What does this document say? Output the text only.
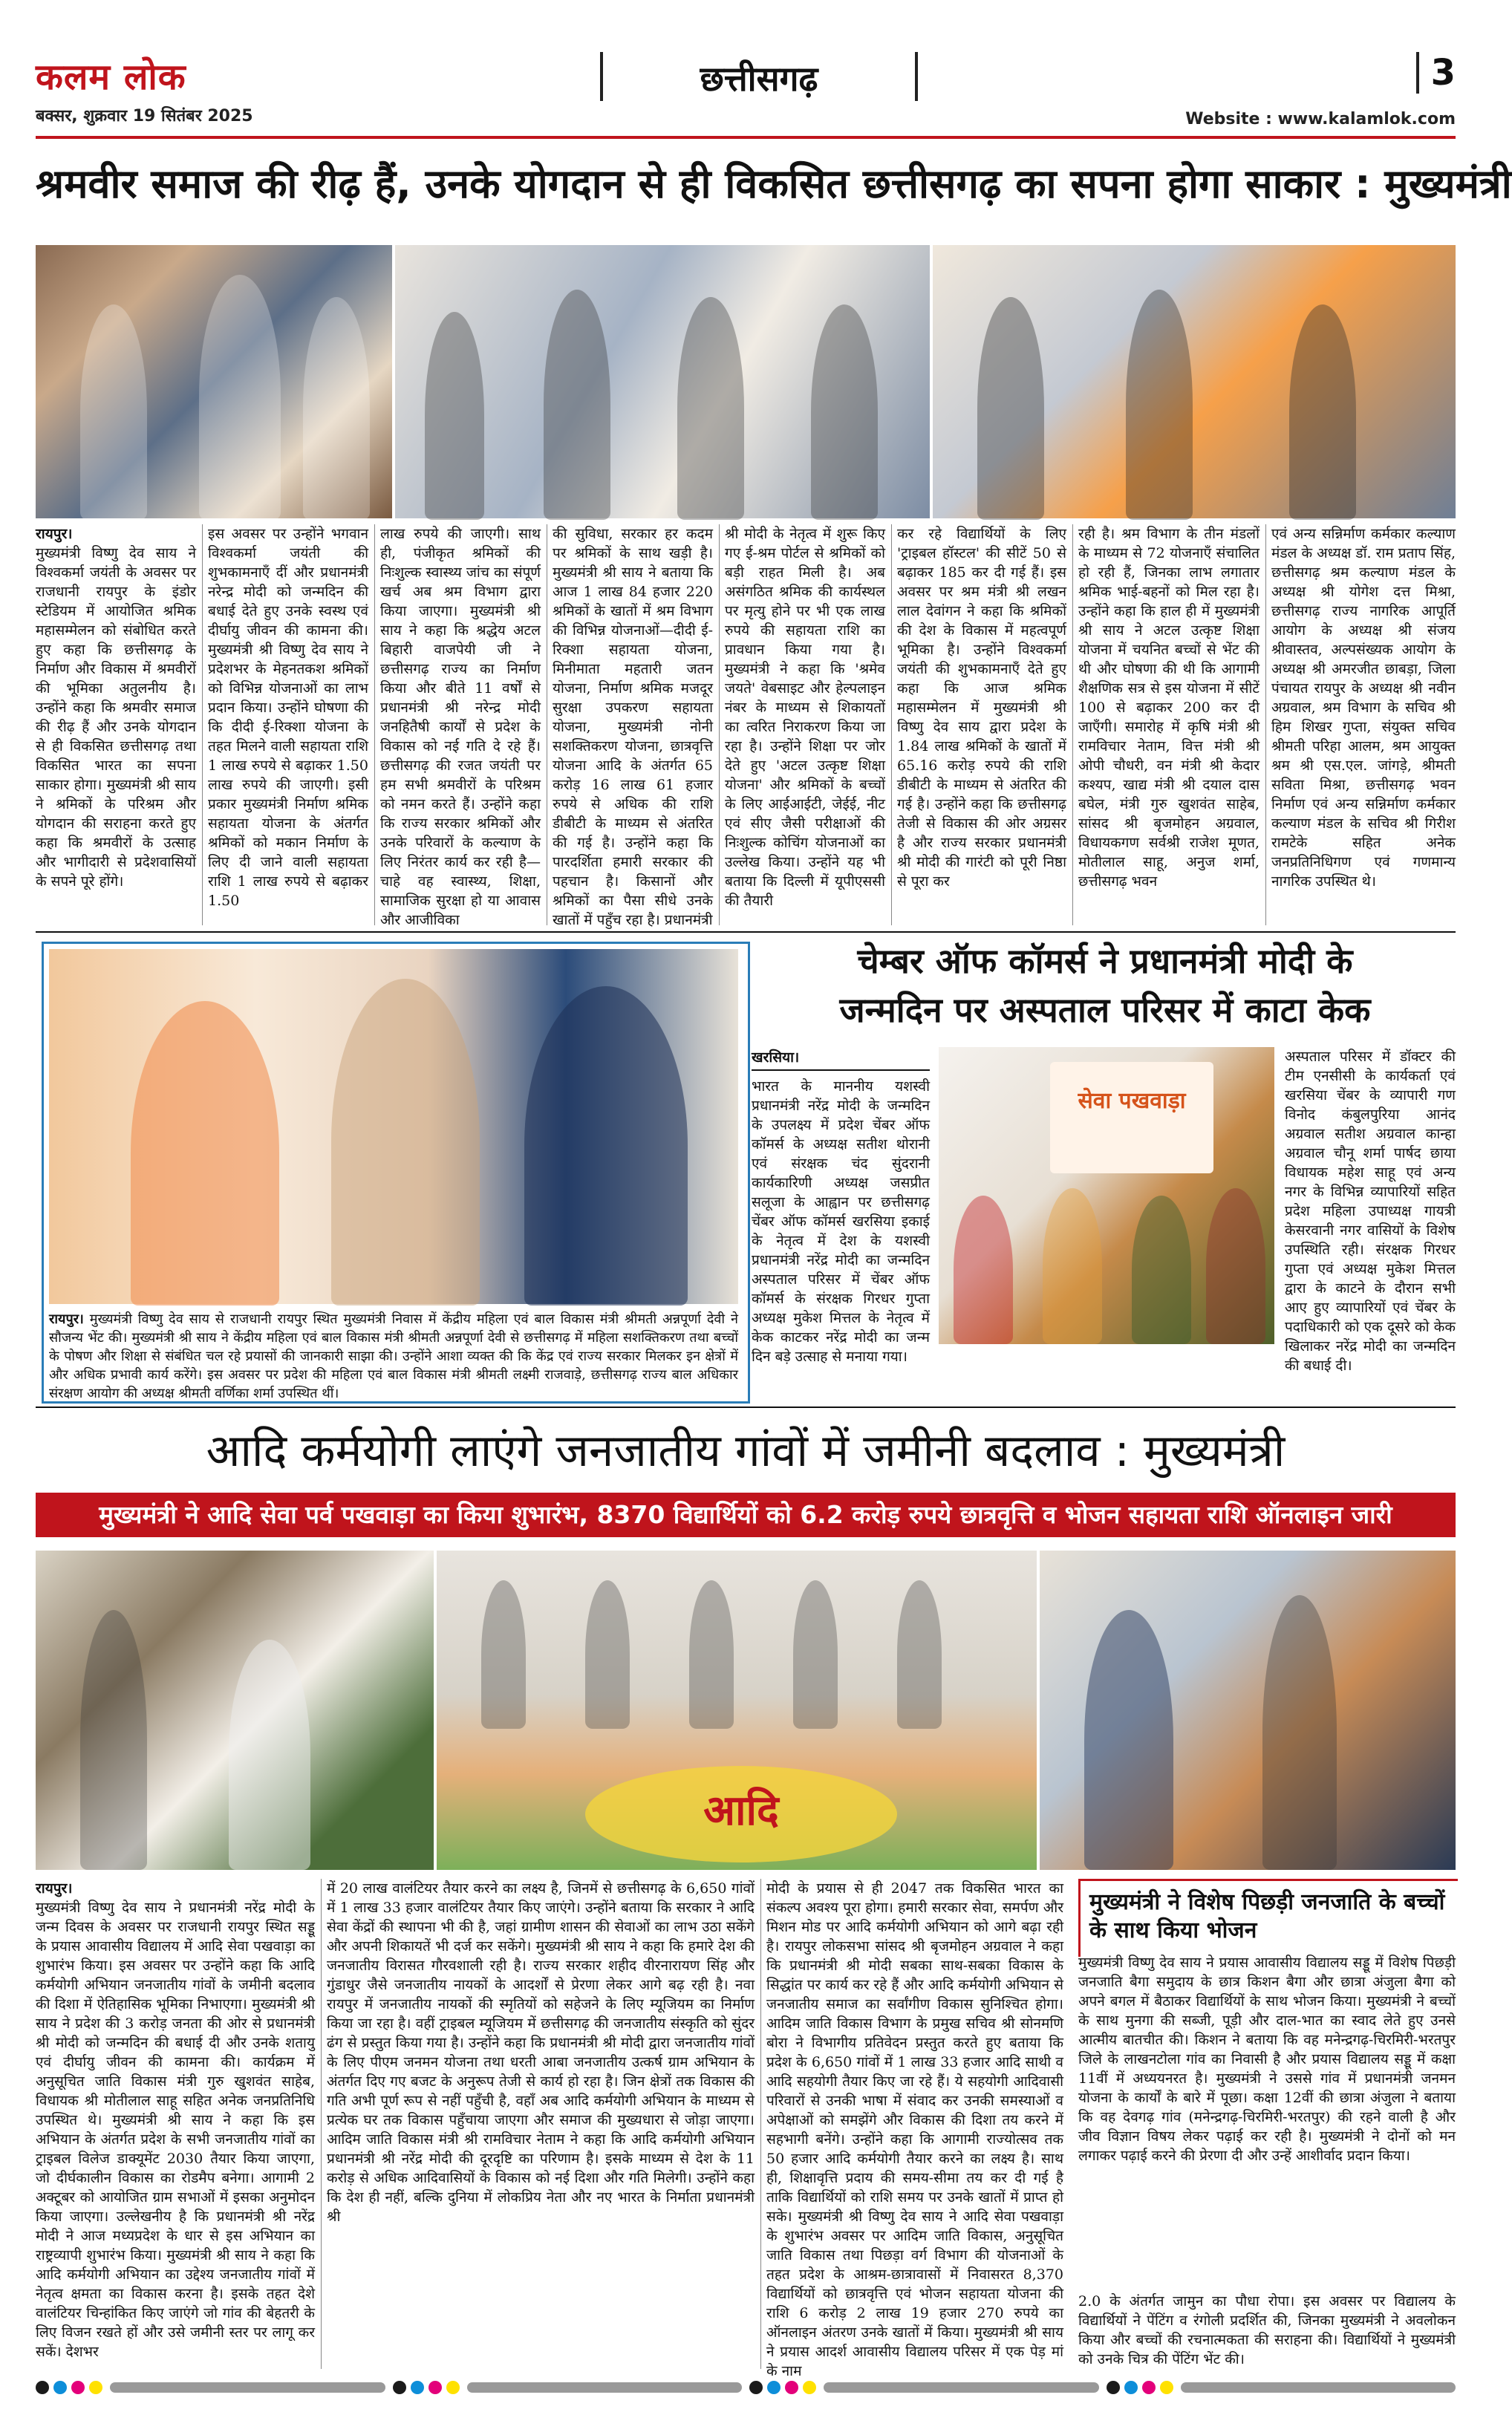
कलम लोक
बक्सर, शुक्रवार 19 सितंबर 2025
छत्तीसगढ़	3
Website : www.kalamlok.com
श्रमवीर समाज की रीढ़ हैं, उनके योगदान से ही विकसित छत्तीसगढ़ का सपना होगा साकार : मुख्यमंत्री
रायपुर।
मुख्यमंत्री विष्णु देव साय ने विश्वकर्मा जयंती के अवसर पर राजधानी रायपुर के इंडोर स्टेडियम में आयोजित श्रमिक महासम्मेलन को संबोधित करते हुए कहा कि छत्तीसगढ़ के निर्माण और विकास में श्रमवीरों की भूमिका अतुलनीय है। उन्होंने कहा कि श्रमवीर समाज की रीढ़ हैं और उनके योगदान से ही विकसित छत्तीसगढ़ तथा विकसित भारत का सपना साकार होगा। मुख्यमंत्री श्री साय ने श्रमिकों के परिश्रम और योगदान की सराहना करते हुए कहा कि श्रमवीरों के उत्साह और भागीदारी से प्रदेशवासियों के सपने पूरे होंगे।
इस अवसर पर उन्होंने भगवान विश्वकर्मा जयंती की शुभकामनाएँ दीं और प्रधानमंत्री नरेन्द्र मोदी को जन्मदिन की बधाई देते हुए उनके स्वस्थ एवं दीर्घायु जीवन की कामना की। मुख्यमंत्री श्री विष्णु देव साय ने प्रदेशभर के मेहनतकश श्रमिकों को विभिन्न योजनाओं का लाभ प्रदान किया। उन्होंने घोषणा की कि दीदी ई-रिक्शा योजना के तहत मिलने वाली सहायता राशि 1 लाख रुपये से बढ़ाकर 1.50 लाख रुपये की जाएगी। इसी प्रकार मुख्यमंत्री निर्माण श्रमिक सहायता योजना के अंतर्गत श्रमिकों को मकान निर्माण के लिए दी जाने वाली सहायता राशि 1 लाख रुपये से बढ़ाकर 1.50
लाख रुपये की जाएगी। साथ ही, पंजीकृत श्रमिकों की निःशुल्क स्वास्थ्य जांच का संपूर्ण खर्च अब श्रम विभाग द्वारा किया जाएगा। मुख्यमंत्री श्री साय ने कहा कि श्रद्धेय अटल बिहारी वाजपेयी जी ने छत्तीसगढ़ राज्य का निर्माण किया और बीते 11 वर्षों से प्रधानमंत्री श्री नरेन्द्र मोदी जनहितैषी कार्यों से प्रदेश के विकास को नई गति दे रहे हैं। छत्तीसगढ़ की रजत जयंती पर हम सभी श्रमवीरों के परिश्रम को नमन करते हैं। उन्होंने कहा कि राज्य सरकार श्रमिकों और उनके परिवारों के कल्याण के लिए निरंतर कार्य कर रही है—चाहे वह स्वास्थ्य, शिक्षा, सामाजिक सुरक्षा हो या आवास और आजीविका
की सुविधा, सरकार हर कदम पर श्रमिकों के साथ खड़ी है। मुख्यमंत्री श्री साय ने बताया कि आज 1 लाख 84 हजार 220 श्रमिकों के खातों में श्रम विभाग की विभिन्न योजनाओं—दीदी ई-रिक्शा सहायता योजना, मिनीमाता महतारी जतन योजना, निर्माण श्रमिक मजदूर सुरक्षा उपकरण सहायता योजना, मुख्यमंत्री नोनी सशक्तिकरण योजना, छात्रवृत्ति योजना आदि के अंतर्गत 65 करोड़ 16 लाख 61 हजार रुपये से अधिक की राशि डीबीटी के माध्यम से अंतरित की गई है। उन्होंने कहा कि पारदर्शिता हमारी सरकार की पहचान है। किसानों और श्रमिकों का पैसा सीधे उनके खातों में पहुँच रहा है। प्रधानमंत्री
श्री मोदी के नेतृत्व में शुरू किए गए ई-श्रम पोर्टल से श्रमिकों को बड़ी राहत मिली है। अब असंगठित श्रमिक की कार्यस्थल पर मृत्यु होने पर भी एक लाख रुपये की सहायता राशि का प्रावधान किया गया है। मुख्यमंत्री ने कहा कि 'श्रमेव जयते' वेबसाइट और हेल्पलाइन नंबर के माध्यम से शिकायतों का त्वरित निराकरण किया जा रहा है। उन्होंने शिक्षा पर जोर देते हुए 'अटल उत्कृष्ट शिक्षा योजना' और श्रमिकों के बच्चों के लिए आईआईटी, जेईई, नीट एवं सीए जैसी परीक्षाओं की निःशुल्क कोचिंग योजनाओं का उल्लेख किया। उन्होंने यह भी बताया कि दिल्ली में यूपीएससी की तैयारी
कर रहे विद्यार्थियों के लिए 'ट्राइबल हॉस्टल' की सीटें 50 से बढ़ाकर 185 कर दी गई हैं। इस अवसर पर श्रम मंत्री श्री लखन लाल देवांगन ने कहा कि श्रमिकों की देश के विकास में महत्वपूर्ण भूमिका है। उन्होंने विश्वकर्मा जयंती की शुभकामनाएँ देते हुए कहा कि आज श्रमिक महासम्मेलन में मुख्यमंत्री श्री विष्णु देव साय द्वारा प्रदेश के 1.84 लाख श्रमिकों के खातों में 65.16 करोड़ रुपये की राशि डीबीटी के माध्यम से अंतरित की गई है। उन्होंने कहा कि छत्तीसगढ़ तेजी से विकास की ओर अग्रसर है और राज्य सरकार प्रधानमंत्री श्री मोदी की गारंटी को पूरी निष्ठा से पूरा कर
रही है। श्रम विभाग के तीन मंडलों के माध्यम से 72 योजनाएँ संचालित हो रही हैं, जिनका लाभ लगातार श्रमिक भाई-बहनों को मिल रहा है। उन्होंने कहा कि हाल ही में मुख्यमंत्री श्री साय ने अटल उत्कृष्ट शिक्षा योजना में चयनित बच्चों से भेंट की थी और घोषणा की थी कि आगामी शैक्षणिक सत्र से इस योजना में सीटें 100 से बढ़ाकर 200 कर दी जाएँगी। समारोह में कृषि मंत्री श्री रामविचार नेताम, वित्त मंत्री श्री ओपी चौधरी, वन मंत्री श्री केदार कश्यप, खाद्य मंत्री श्री दयाल दास बघेल, मंत्री गुरु खुशवंत साहेब, सांसद श्री बृजमोहन अग्रवाल, विधायकगण सर्वश्री राजेश मूणत, मोतीलाल साहू, अनुज शर्मा, छत्तीसगढ़ भवन
एवं अन्य सन्निर्माण कर्मकार कल्याण मंडल के अध्यक्ष डॉ. राम प्रताप सिंह, छत्तीसगढ़ श्रम कल्याण मंडल के अध्यक्ष श्री योगेश दत्त मिश्रा, छत्तीसगढ़ राज्य नागरिक आपूर्ति आयोग के अध्यक्ष श्री संजय श्रीवास्तव, अल्पसंख्यक आयोग के अध्यक्ष श्री अमरजीत छाबड़ा, जिला पंचायत रायपुर के अध्यक्ष श्री नवीन अग्रवाल, श्रम विभाग के सचिव श्री हिम शिखर गुप्ता, संयुक्त सचिव श्रीमती परिहा आलम, श्रम आयुक्त श्रम श्री एस.एल. जांगड़े, श्रीमती सविता मिश्रा, छत्तीसगढ़ भवन निर्माण एवं अन्य सन्निर्माण कर्मकार कल्याण मंडल के सचिव श्री गिरीश रामटेके सहित अनेक जनप्रतिनिधिगण एवं गणमान्य नागरिक उपस्थित थे।
रायपुर। मुख्यमंत्री विष्णु देव साय से राजधानी रायपुर स्थित मुख्यमंत्री निवास में केंद्रीय महिला एवं बाल विकास मंत्री श्रीमती अन्नपूर्णा देवी ने सौजन्य भेंट की। मुख्यमंत्री श्री साय ने केंद्रीय महिला एवं बाल विकास मंत्री श्रीमती अन्नपूर्णा देवी से छत्तीसगढ़ में महिला सशक्तिकरण तथा बच्चों के पोषण और शिक्षा से संबंधित चल रहे प्रयासों की जानकारी साझा की। उन्होंने आशा व्यक्त की कि केंद्र एवं राज्य सरकार मिलकर इन क्षेत्रों में और अधिक प्रभावी कार्य करेंगे। इस अवसर पर प्रदेश की महिला एवं बाल विकास मंत्री श्रीमती लक्ष्मी राजवाड़े, छत्तीसगढ़ राज्य बाल अधिकार संरक्षण आयोग की अध्यक्ष श्रीमती वर्णिका शर्मा उपस्थित थीं।
चेम्बर ऑफ कॉमर्स ने प्रधानमंत्री मोदी के
जन्मदिन पर अस्पताल परिसर में काटा केक
खरसिया।
भारत के माननीय यशस्वी प्रधानमंत्री नरेंद्र मोदी के जन्मदिन के उपलक्ष्य में प्रदेश चेंबर ऑफ कॉमर्स के अध्यक्ष सतीश थोरानी एवं संरक्षक चंद सुंदरानी कार्यकारिणी अध्यक्ष जसप्रीत सलूजा के आह्वान पर छत्तीसगढ़ चेंबर ऑफ कॉमर्स खरसिया इकाई के नेतृत्व में देश के यशस्वी प्रधानमंत्री नरेंद्र मोदी का जन्मदिन अस्पताल परिसर में चेंबर ऑफ कॉमर्स के संरक्षक गिरधर गुप्ता अध्यक्ष मुकेश मित्तल के नेतृत्व में केक काटकर नरेंद्र मोदी का जन्म दिन बड़े उत्साह से मनाया गया।
सेवा पखवाड़ा
अस्पताल परिसर में डॉक्टर की टीम एनसीसी के कार्यकर्ता एवं खरसिया चेंबर के व्यापारी गण विनोद कंबुलपुरिया आनंद अग्रवाल सतीश अग्रवाल कान्हा अग्रवाल चौनू शर्मा पार्षद छाया विधायक महेश साहू एवं अन्य नगर के विभिन्न व्यापारियों सहित प्रदेश महिला उपाध्यक्ष गायत्री केसरवानी नगर वासियों के विशेष उपस्थिति रही। संरक्षक गिरधर गुप्ता एवं अध्यक्ष मुकेश मित्तल द्वारा के काटने के दौरान सभी आए हुए व्यापारियों एवं चेंबर के पदाधिकारी को एक दूसरे को केक खिलाकर नरेंद्र मोदी का जन्मदिन की बधाई दी।
आदि कर्मयोगी लाएंगे जनजातीय गांवों में जमीनी बदलाव : मुख्यमंत्री
मुख्यमंत्री ने आदि सेवा पर्व पखवाड़ा का किया शुभारंभ, 8370 विद्यार्थियों को 6.2 करोड़ रुपये छात्रवृत्ति व भोजन सहायता राशि ऑनलाइन जारी
आदि
रायपुर।
मुख्यमंत्री विष्णु देव साय ने प्रधानमंत्री नरेंद्र मोदी के जन्म दिवस के अवसर पर राजधानी रायपुर स्थित सड्डू के प्रयास आवासीय विद्यालय में आदि सेवा पखवाड़ा का शुभारंभ किया। इस अवसर पर उन्होंने कहा कि आदि कर्मयोगी अभियान जनजातीय गांवों के जमीनी बदलाव की दिशा में ऐतिहासिक भूमिका निभाएगा। मुख्यमंत्री श्री साय ने प्रदेश की 3 करोड़ जनता की ओर से प्रधानमंत्री श्री मोदी को जन्मदिन की बधाई दी और उनके शतायु एवं दीर्घायु जीवन की कामना की। कार्यक्रम में अनुसूचित जाति विकास मंत्री गुरु खुशवंत साहेब, विधायक श्री मोतीलाल साहू सहित अनेक जनप्रतिनिधि उपस्थित थे। मुख्यमंत्री श्री साय ने कहा कि इस अभियान के अंतर्गत प्रदेश के सभी जनजातीय गांवों का ट्राइबल विलेज डाक्यूमेंट 2030 तैयार किया जाएगा, जो दीर्घकालीन विकास का रोडमैप बनेगा। आगामी 2 अक्टूबर को आयोजित ग्राम सभाओं में इसका अनुमोदन किया जाएगा। उल्लेखनीय है कि प्रधानमंत्री श्री नरेंद्र मोदी ने आज मध्यप्रदेश के धार से इस अभियान का राष्ट्रव्यापी शुभारंभ किया। मुख्यमंत्री श्री साय ने कहा कि आदि कर्मयोगी अभियान का उद्देश्य जनजातीय गांवों में नेतृत्व क्षमता का विकास करना है। इसके तहत देशे वालंटियर चिन्हांकित किए जाएंगे जो गांव की बेहतरी के लिए विजन रखते हों और उसे जमीनी स्तर पर लागू कर सकें। देशभर
में 20 लाख वालंटियर तैयार करने का लक्ष्य है, जिनमें से छत्तीसगढ़ के 6,650 गांवों में 1 लाख 33 हजार वालंटियर तैयार किए जाएंगे। उन्होंने बताया कि सरकार ने आदि सेवा केंद्रों की स्थापना भी की है, जहां ग्रामीण शासन की सेवाओं का लाभ उठा सकेंगे और अपनी शिकायतें भी दर्ज कर सकेंगे। मुख्यमंत्री श्री साय ने कहा कि हमारे देश की जनजातीय विरासत गौरवशाली रही है। राज्य सरकार शहीद वीरनारायण सिंह और गुंडाधुर जैसे जनजातीय नायकों के आदर्शों से प्रेरणा लेकर आगे बढ़ रही है। नवा रायपुर में जनजातीय नायकों की स्मृतियों को सहेजने के लिए म्यूजियम का निर्माण किया जा रहा है। वहीं ट्राइबल म्यूजियम में छत्तीसगढ़ की जनजातीय संस्कृति को सुंदर ढंग से प्रस्तुत किया गया है। उन्होंने कहा कि प्रधानमंत्री श्री मोदी द्वारा जनजातीय गांवों के लिए पीएम जनमन योजना तथा धरती आबा जनजातीय उत्कर्ष ग्राम अभियान के अंतर्गत दिए गए बजट के अनुरूप तेजी से कार्य हो रहा है। जिन क्षेत्रों तक विकास की गति अभी पूर्ण रूप से नहीं पहुँची है, वहाँ अब आदि कर्मयोगी अभियान के माध्यम से प्रत्येक घर तक विकास पहुँचाया जाएगा और समाज की मुख्यधारा से जोड़ा जाएगा। आदिम जाति विकास मंत्री श्री रामविचार नेताम ने कहा कि आदि कर्मयोगी अभियान प्रधानमंत्री श्री नरेंद्र मोदी की दूरदृष्टि का परिणाम है। इसके माध्यम से देश के 11 करोड़ से अधिक आदिवासियों के विकास को नई दिशा और गति मिलेगी। उन्होंने कहा कि देश ही नहीं, बल्कि दुनिया में लोकप्रिय नेता और नए भारत के निर्माता प्रधानमंत्री श्री
मोदी के प्रयास से ही 2047 तक विकसित भारत का संकल्प अवश्य पूरा होगा। हमारी सरकार सेवा, समर्पण और मिशन मोड पर आदि कर्मयोगी अभियान को आगे बढ़ा रही है। रायपुर लोकसभा सांसद श्री बृजमोहन अग्रवाल ने कहा कि प्रधानमंत्री श्री मोदी सबका साथ-सबका विकास के सिद्धांत पर कार्य कर रहे हैं और आदि कर्मयोगी अभियान से जनजातीय समाज का सर्वांगीण विकास सुनिश्चित होगा। आदिम जाति विकास विभाग के प्रमुख सचिव श्री सोनमणि बोरा ने विभागीय प्रतिवेदन प्रस्तुत करते हुए बताया कि प्रदेश के 6,650 गांवों में 1 लाख 33 हजार आदि साथी व आदि सहयोगी तैयार किए जा रहे हैं। ये सहयोगी आदिवासी परिवारों से उनकी भाषा में संवाद कर उनकी समस्याओं व अपेक्षाओं को समझेंगे और विकास की दिशा तय करने में सहभागी बनेंगे। उन्होंने कहा कि आगामी राज्योत्सव तक 50 हजार आदि कर्मयोगी तैयार करने का लक्ष्य है। साथ ही, शिक्षावृत्ति प्रदाय की समय-सीमा तय कर दी गई है ताकि विद्यार्थियों को राशि समय पर उनके खातों में प्राप्त हो सके। मुख्यमंत्री श्री विष्णु देव साय ने आदि सेवा पखवाड़ा के शुभारंभ अवसर पर आदिम जाति विकास, अनुसूचित जाति विकास तथा पिछड़ा वर्ग विभाग की योजनाओं के तहत प्रदेश के आश्रम-छात्रावासों में निवासरत 8,370 विद्यार्थियों को छात्रवृत्ति एवं भोजन सहायता योजना की राशि 6 करोड़ 2 लाख 19 हजार 270 रुपये का ऑनलाइन अंतरण उनके खातों में किया। मुख्यमंत्री श्री साय ने प्रयास आदर्श आवासीय विद्यालय परिसर में एक पेड़ मां के नाम
मुख्यमंत्री ने विशेष पिछड़ी जनजाति के बच्चों के साथ किया भोजन
मुख्यमंत्री विष्णु देव साय ने प्रयास आवासीय विद्यालय सड्डू में विशेष पिछड़ी जनजाति बैगा समुदाय के छात्र किशन बैगा और छात्रा अंजुला बैगा को अपने बगल में बैठाकर विद्यार्थियों के साथ भोजन किया। मुख्यमंत्री ने बच्चों के साथ मुनगा की सब्जी, पूड़ी और दाल-भात का स्वाद लेते हुए उनसे आत्मीय बातचीत की। किशन ने बताया कि वह मनेन्द्रगढ़-चिरमिरी-भरतपुर जिले के लाखनटोला गांव का निवासी है और प्रयास विद्यालय सड्डू में कक्षा 11वीं में अध्ययनरत है। मुख्यमंत्री ने उससे गांव में प्रधानमंत्री जनमन योजना के कार्यों के बारे में पूछा। कक्षा 12वीं की छात्रा अंजुला ने बताया कि वह देवगढ़ गांव (मनेन्द्रगढ़-चिरमिरी-भरतपुर) की रहने वाली है और जीव विज्ञान विषय लेकर पढ़ाई कर रही है। मुख्यमंत्री ने दोनों को मन लगाकर पढ़ाई करने की प्रेरणा दी और उन्हें आशीर्वाद प्रदान किया।
2.0 के अंतर्गत जामुन का पौधा रोपा। इस अवसर पर विद्यालय के विद्यार्थियों ने पेंटिंग व रंगोली प्रदर्शित की, जिनका मुख्यमंत्री ने अवलोकन किया और बच्चों की रचनात्मकता की सराहना की। विद्यार्थियों ने मुख्यमंत्री को उनके चित्र की पेंटिंग भेंट की।
